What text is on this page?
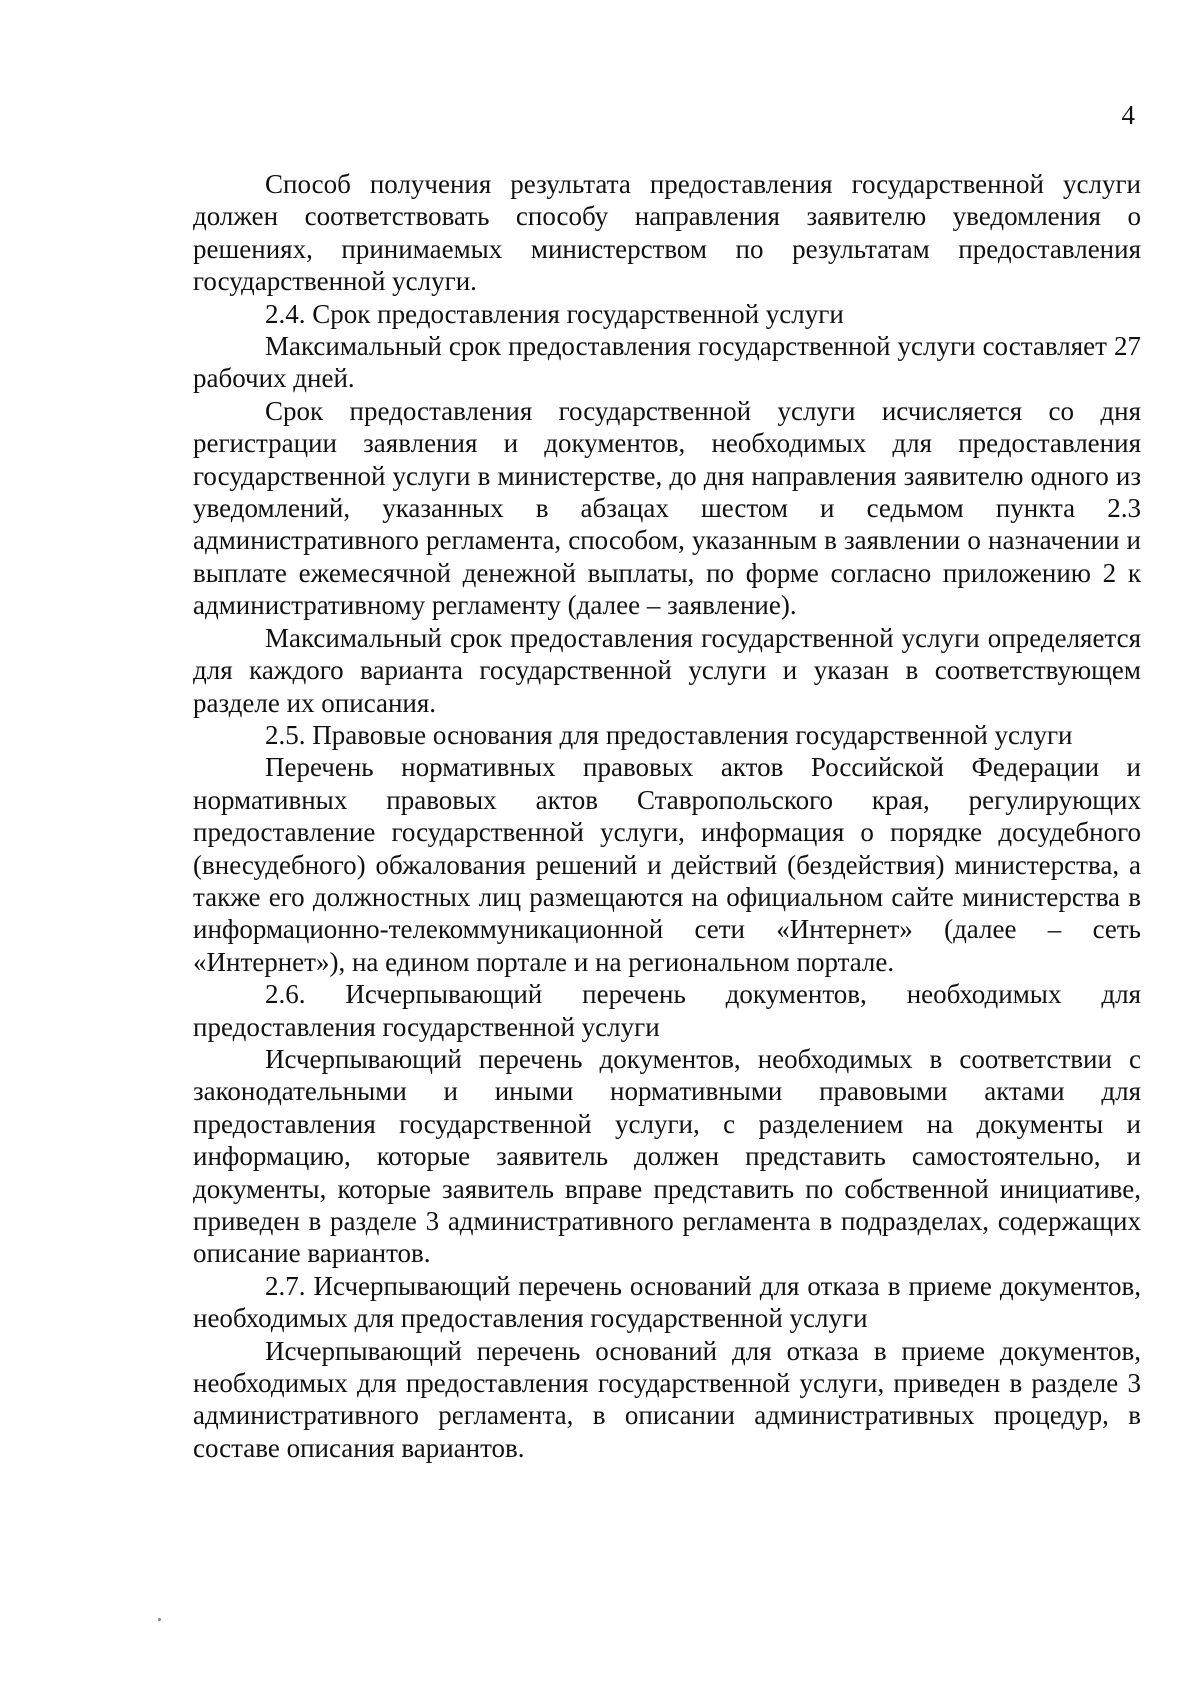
4

Способ получения результата предоставления государственной услуги должен соответствовать способу направления заявителю уведомления о решениях, принимаемых министерством по результатам предоставления государственной услуги.

2.4. Срок предоставления государственной услуги

Максимальный срок предоставления государственной услуги составляет 27 рабочих дней.

Срок предоставления государственной услуги исчисляется со дня регистрации заявления и документов, необходимых для предоставления государственной услуги в министерстве, до дня направления заявителю одного из уведомлений, указанных в абзацах шестом и седьмом пункта 2.3 административного регламента, способом, указанным в заявлении о назначении и выплате ежемесячной денежной выплаты, по форме согласно приложению 2 к административному регламенту (далее – заявление).

Максимальный срок предоставления государственной услуги определяется для каждого варианта государственной услуги и указан в соответствующем разделе их описания.

2.5. Правовые основания для предоставления государственной услуги

Перечень нормативных правовых актов Российской Федерации и нормативных правовых актов Ставропольского края, регулирующих предоставление государственной услуги, информация о порядке досудебного (внесудебного) обжалования решений и действий (бездействия) министерства, а также его должностных лиц размещаются на официальном сайте министерства в информационно-телекоммуникационной сети «Интернет» (далее – сеть «Интернет»), на едином портале и на региональном портале.

2.6. Исчерпывающий перечень документов, необходимых для предоставления государственной услуги

Исчерпывающий перечень документов, необходимых в соответствии с законодательными и иными нормативными правовыми актами для предоставления государственной услуги, с разделением на документы и информацию, которые заявитель должен представить самостоятельно, и документы, которые заявитель вправе представить по собственной инициативе, приведен в разделе 3 административного регламента в подразделах, содержащих описание вариантов.

2.7. Исчерпывающий перечень оснований для отказа в приеме документов, необходимых для предоставления государственной услуги

Исчерпывающий перечень оснований для отказа в приеме документов, необходимых для предоставления государственной услуги, приведен в разделе 3 административного регламента, в описании административных процедур, в составе описания вариантов.
